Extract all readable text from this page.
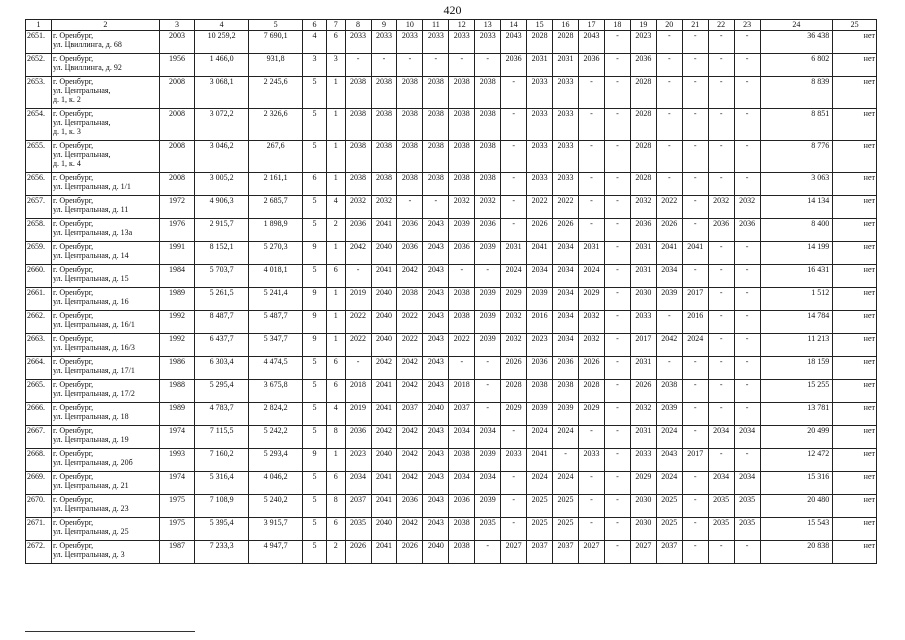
420
1	2	3	4	5	6	7	8	9	10	11	12	13	14	15	16	17	18	19	20	21	22	23	24	25
2651.	г. Оренбург,
ул. Цвиллинга, д. 68	2003	10 259,2	7 690,1	4	6	2033	2033	2033	2033	2033	2033	2043	2028	2028	2043	-	2023	-	-	-	-	36 438	нет
2652.	г. Оренбург,
ул. Цвиллинга, д. 92	1956	1 466,0	931,8	3	3	-	-	-	-	-	-	2036	2031	2031	2036	-	2036	-	-	-	-	6 802	нет
2653.	г. Оренбург,
ул. Центральная,
д. 1, к. 2	2008	3 068,1	2 245,6	5	1	2038	2038	2038	2038	2038	2038	-	2033	2033	-	-	2028	-	-	-	-	8 839	нет
2654.	г. Оренбург,
ул. Центральная,
д. 1, к. 3	2008	3 072,2	2 326,6	5	1	2038	2038	2038	2038	2038	2038	-	2033	2033	-	-	2028	-	-	-	-	8 851	нет
2655.	г. Оренбург,
ул. Центральная,
д. 1, к. 4	2008	3 046,2	267,6	5	1	2038	2038	2038	2038	2038	2038	-	2033	2033	-	-	2028	-	-	-	-	8 776	нет
2656.	г. Оренбург,
ул. Центральная, д. 1/1	2008	3 005,2	2 161,1	6	1	2038	2038	2038	2038	2038	2038	-	2033	2033	-	-	2028	-	-	-	-	3 063	нет
2657.	г. Оренбург,
ул. Центральная, д. 11	1972	4 906,3	2 685,7	5	4	2032	2032	-	-	2032	2032	-	2022	2022	-	-	2032	2022	-	2032	2032	14 134	нет
2658.	г. Оренбург,
ул. Центральная, д. 13а	1976	2 915,7	1 898,9	5	2	2036	2041	2036	2043	2039	2036	-	2026	2026	-	-	2036	2026	-	2036	2036	8 400	нет
2659.	г. Оренбург,
ул. Центральная, д. 14	1991	8 152,1	5 270,3	9	1	2042	2040	2036	2043	2036	2039	2031	2041	2034	2031	-	2031	2041	2041	-	-	14 199	нет
2660.	г. Оренбург,
ул. Центральная, д. 15	1984	5 703,7	4 018,1	5	6	-	2041	2042	2043	-	-	2024	2034	2034	2024	-	2031	2034	-	-	-	16 431	нет
2661.	г. Оренбург,
ул. Центральная, д. 16	1989	5 261,5	5 241,4	9	1	2019	2040	2038	2043	2038	2039	2029	2039	2034	2029	-	2030	2039	2017	-	-	1 512	нет
2662.	г. Оренбург,
ул. Центральная, д. 16/1	1992	8 487,7	5 487,7	9	1	2022	2040	2022	2043	2038	2039	2032	2016	2034	2032	-	2033	-	2016	-	-	14 784	нет
2663.	г. Оренбург,
ул. Центральная, д. 16/3	1992	6 437,7	5 347,7	9	1	2022	2040	2022	2043	2022	2039	2032	2023	2034	2032	-	2017	2042	2024	-	-	11 213	нет
2664.	г. Оренбург,
ул. Центральная, д. 17/1	1986	6 303,4	4 474,5	5	6	-	2042	2042	2043	-	-	2026	2036	2036	2026	-	2031	-	-	-	-	18 159	нет
2665.	г. Оренбург,
ул. Центральная, д. 17/2	1988	5 295,4	3 675,8	5	6	2018	2041	2042	2043	2018	-	2028	2038	2038	2028	-	2026	2038	-	-	-	15 255	нет
2666.	г. Оренбург,
ул. Центральная, д. 18	1989	4 783,7	2 824,2	5	4	2019	2041	2037	2040	2037	-	2029	2039	2039	2029	-	2032	2039	-	-	-	13 781	нет
2667.	г. Оренбург,
ул. Центральная, д. 19	1974	7 115,5	5 242,2	5	8	2036	2042	2042	2043	2034	2034	-	2024	2024	-	-	2031	2024	-	2034	2034	20 499	нет
2668.	г. Оренбург,
ул. Центральная, д. 20б	1993	7 160,2	5 293,4	9	1	2023	2040	2042	2043	2038	2039	2033	2041	-	2033	-	2033	2043	2017	-	-	12 472	нет
2669.	г. Оренбург,
ул. Центральная, д. 21	1974	5 316,4	4 046,2	5	6	2034	2041	2042	2043	2034	2034	-	2024	2024	-	-	2029	2024	-	2034	2034	15 316	нет
2670.	г. Оренбург,
ул. Центральная, д. 23	1975	7 108,9	5 240,2	5	8	2037	2041	2036	2043	2036	2039	-	2025	2025	-	-	2030	2025	-	2035	2035	20 480	нет
2671.	г. Оренбург,
ул. Центральная, д. 25	1975	5 395,4	3 915,7	5	6	2035	2040	2042	2043	2038	2035	-	2025	2025	-	-	2030	2025	-	2035	2035	15 543	нет
2672.	г. Оренбург,
ул. Центральная, д. 3	1987	7 233,3	4 947,7	5	2	2026	2041	2026	2040	2038	-	2027	2037	2037	2027	-	2027	2037	-	-	-	20 838	нет
